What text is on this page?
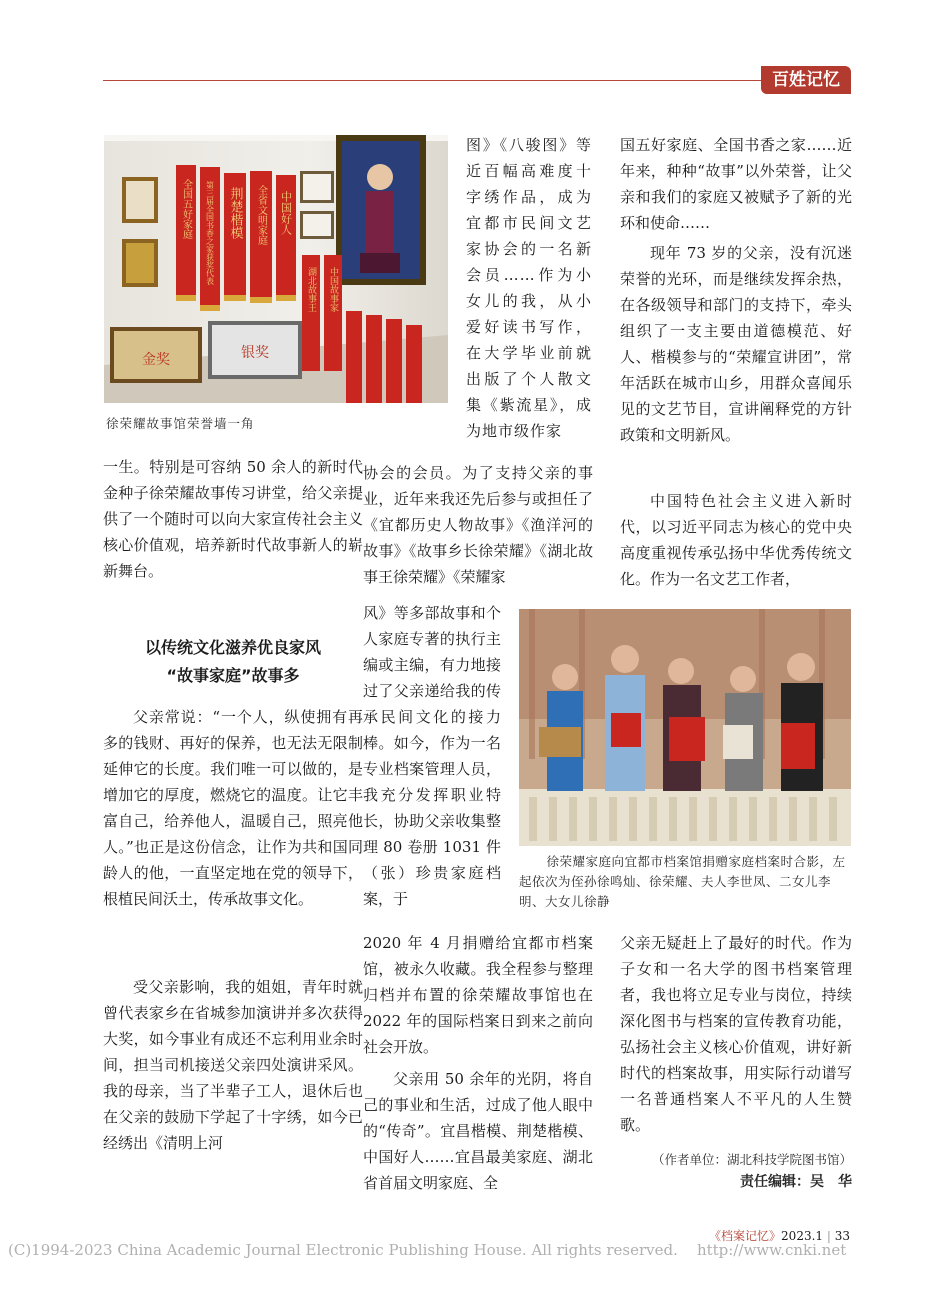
百姓记忆
全国五好家庭 第三届全国书香之家获奖代表 荆楚楷模 全省文明家庭 中国好人
湖北故事王 中国故事家
金奖	银奖

徐荣耀故事馆荣誉墙一角

一生。特别是可容纳 50 余人的新时代金种子徐荣耀故事传习讲堂，给父亲提供了一个随时可以向大家宣传社会主义核心价值观，培养新时代故事新人的崭新舞台。

以传统文化滋养优良家风
“故事家庭”故事多

父亲常说：“一个人，纵使拥有再多的钱财、再好的保养，也无法无限制延伸它的长度。我们唯一可以做的，是增加它的厚度，燃烧它的温度。让它丰富自己，给养他人，温暖自己，照亮他人。”也正是这份信念，让作为共和国同龄人的他，一直坚定地在党的领导下，根植民间沃土，传承故事文化。

受父亲影响，我的姐姐，青年时就曾代表家乡在省城参加演讲并多次获得大奖，如今事业有成还不忘利用业余时间，担当司机接送父亲四处演讲采风。我的母亲，当了半辈子工人，退休后也在父亲的鼓励下学起了十字绣，如今已经绣出《清明上河

图》《八骏图》等近百幅高难度十字绣作品，成为宜都市民间文艺家协会的一名新会员……作为小女儿的我，从小爱好读书写作，在大学毕业前就出版了个人散文集《紫流星》，成为地市级作家

协会的会员。为了支持父亲的事业，近年来我还先后参与或担任了《宜都历史人物故事》《渔洋河的故事》《故事乡长徐荣耀》《湖北故事王徐荣耀》《荣耀家

风》等多部故事和个人家庭专著的执行主编或主编，有力地接过了父亲递给我的传承民间文化的接力棒。如今，作为一名专业档案管理人员，我充分发挥职业特长，协助父亲收集整理 80 卷册 1031 件（张）珍贵家庭档案，于

2020 年 4 月捐赠给宜都市档案馆，被永久收藏。我全程参与整理归档并布置的徐荣耀故事馆也在 2022 年的国际档案日到来之前向社会开放。

父亲用 50 余年的光阴，将自己的事业和生活，过成了他人眼中的“传奇”。宜昌楷模、荆楚楷模、中国好人……宜昌最美家庭、湖北省首届文明家庭、全

国五好家庭、全国书香之家……近年来，种种“故事”以外荣誉，让父亲和我们的家庭又被赋予了新的光环和使命……

现年 73 岁的父亲，没有沉迷荣誉的光环，而是继续发挥余热，在各级领导和部门的支持下，牵头组织了一支主要由道德模范、好人、楷模参与的“荣耀宣讲团”，常年活跃在城市山乡，用群众喜闻乐见的文艺节目，宣讲阐释党的方针政策和文明新风。

中国特色社会主义进入新时代，以习近平同志为核心的党中央高度重视传承弘扬中华优秀传统文化。作为一名文艺工作者，

徐荣耀家庭向宜都市档案馆捐赠家庭档案时合影，左起依次为侄孙徐鸣灿、徐荣耀、夫人李世凤、二女儿李明、大女儿徐静

父亲无疑赶上了最好的时代。作为子女和一名大学的图书档案管理者，我也将立足专业与岗位，持续深化图书与档案的宣传教育功能，弘扬社会主义核心价值观，讲好新时代的档案故事，用实际行动谱写一名普通档案人不平凡的人生赞歌。

（作者单位：湖北科技学院图书馆）

责任编辑：吴　华

《档案记忆》2023.1 | 33
(C)1994-2023 China Academic Journal Electronic Publishing House. All rights reserved.    http://www.cnki.net
